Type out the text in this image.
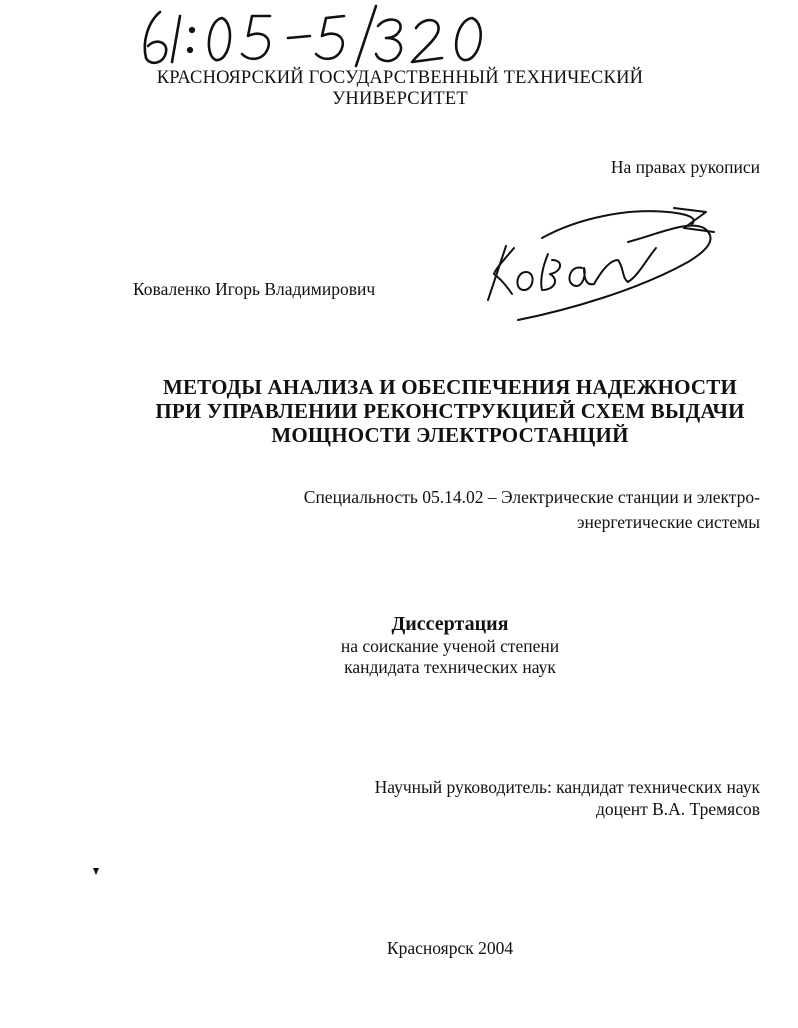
КРАСНОЯРСКИЙ ГОСУДАРСТВЕННЫЙ ТЕХНИЧЕСКИЙ
УНИВЕРСИТЕТ
На правах рукописи
Коваленко Игорь Владимирович
МЕТОДЫ АНАЛИЗА И ОБЕСПЕЧЕНИЯ НАДЕЖНОСТИ
ПРИ УПРАВЛЕНИИ РЕКОНСТРУКЦИЕЙ СХЕМ ВЫДАЧИ
МОЩНОСТИ ЭЛЕКТРОСТАНЦИЙ
Специальность 05.14.02 – Электрические станции и электро-
энергетические системы
Диссертация
на соискание ученой степени
кандидата технических наук
Научный руководитель: кандидат технических наук
доцент В.А. Тремясов
Красноярск 2004
